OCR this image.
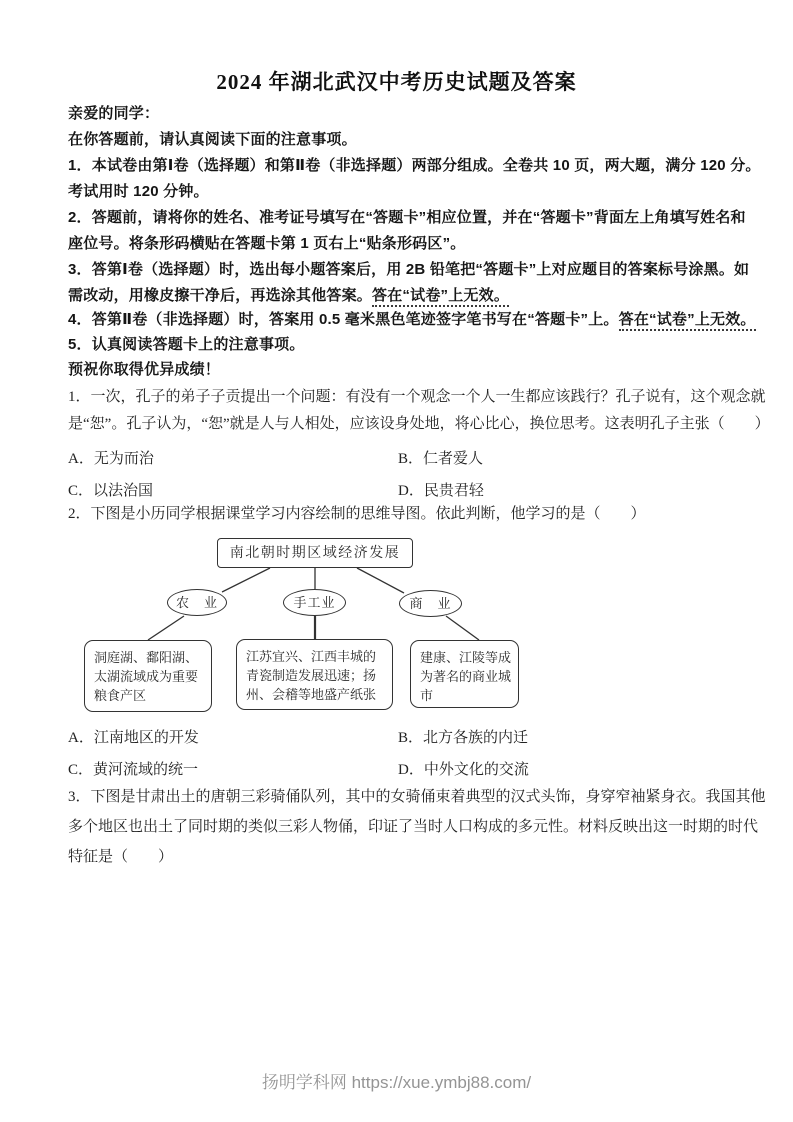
2024 年湖北武汉中考历史试题及答案
亲爱的同学：
在你答题前，请认真阅读下面的注意事项。
1．本试卷由第Ⅰ卷（选择题）和第Ⅱ卷（非选择题）两部分组成。全卷共 10 页，两大题，满分 120 分。
考试用时 120 分钟。
2．答题前，请将你的姓名、准考证号填写在“答题卡”相应位置，并在“答题卡”背面左上角填写姓名和
座位号。将条形码横贴在答题卡第 1 页右上“贴条形码区”。
3．答第Ⅰ卷（选择题）时，选出每小题答案后，用 2B 铅笔把“答题卡”上对应题目的答案标号涂黑。如
需改动，用橡皮擦干净后，再选涂其他答案。答在“试卷”上无效。
4．答第Ⅱ卷（非选择题）时，答案用 0.5 毫米黑色笔迹签字笔书写在“答题卡”上。答在“试卷”上无效。
5．认真阅读答题卡上的注意事项。
预祝你取得优异成绩！
1．一次，孔子的弟子子贡提出一个问题：有没有一个观念一个人一生都应该践行？孔子说有，这个观念就
是“恕”。孔子认为，“恕”就是人与人相处，应该设身处地，将心比心，换位思考。这表明孔子主张（　　）
A．无为而治	B．仁者爱人
C．以法治国	D．民贵君轻
2．下图是小历同学根据课堂学习内容绘制的思维导图。依此判断，他学习的是（　　）
南北朝时期区域经济发展
农　业	手工业	商　业
洞庭湖、鄱阳湖、太湖流域成为重要粮食产区
江苏宜兴、江西丰城的青瓷制造发展迅速；扬州、会稽等地盛产纸张
建康、江陵等成为著名的商业城市
A．江南地区的开发	B．北方各族的内迁
C．黄河流域的统一	D．中外文化的交流
3．下图是甘肃出土的唐朝三彩骑俑队列，其中的女骑俑束着典型的汉式头饰，身穿窄袖紧身衣。我国其他
多个地区也出土了同时期的类似三彩人物俑，印证了当时人口构成的多元性。材料反映出这一时期的时代
特征是（　　）
扬明学科网 https://xue.ymbj88.com/
